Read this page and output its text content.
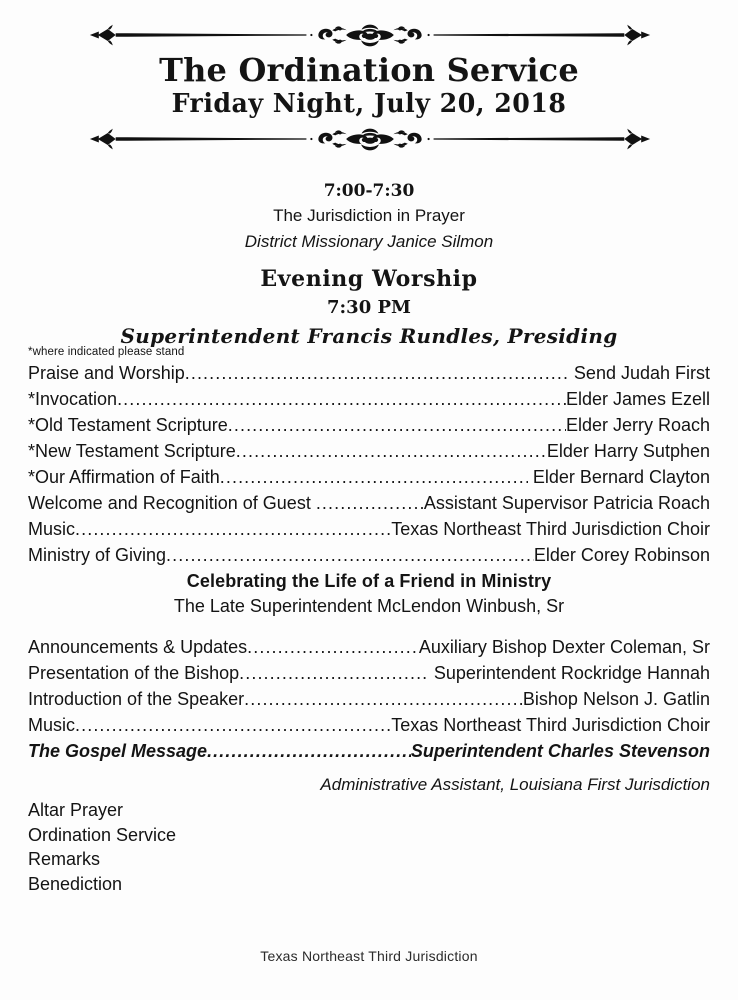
The Ordination Service
Friday Night, July 20, 2018
7:00-7:30
The Jurisdiction in Prayer
District Missionary Janice Silmon
Evening Worship
7:30 PM
Superintendent Francis Rundles, Presiding
*where indicated please stand
Praise and Worship .....	Send Judah First
*Invocation .....	Elder James Ezell
*Old Testament Scripture .....	Elder Jerry Roach
*New Testament Scripture .....	Elder Harry Sutphen
*Our Affirmation of Faith .....	Elder Bernard Clayton
Welcome and Recognition of Guest .....	Assistant Supervisor Patricia Roach
Music .....	Texas Northeast Third Jurisdiction Choir
Ministry of Giving .....	Elder Corey Robinson
Celebrating the Life of a Friend in Ministry
The Late Superintendent McLendon Winbush, Sr
Announcements & Updates .....	Auxiliary Bishop Dexter Coleman, Sr
Presentation of the Bishop .....	Superintendent Rockridge Hannah
Introduction of the Speaker .....	Bishop Nelson J. Gatlin
Music .....	Texas Northeast Third Jurisdiction Choir
The Gospel Message .....	Superintendent Charles Stevenson
Administrative Assistant, Louisiana First Jurisdiction
Altar Prayer
Ordination Service
Remarks
Benediction
Texas Northeast Third Jurisdiction
